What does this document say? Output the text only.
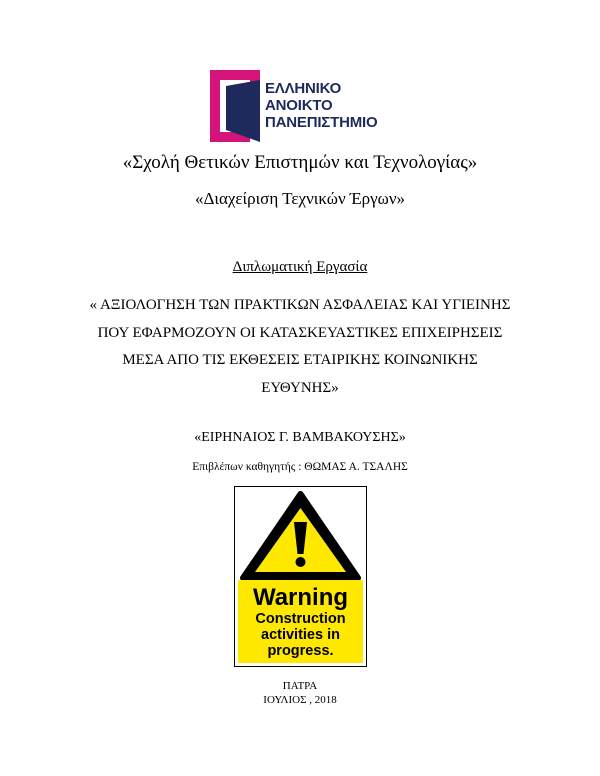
ΕΛΛΗΝΙΚΟ
ΑΝΟΙΚΤΟ
ΠΑΝΕΠΙΣΤΗΜΙΟ
«Σχολή Θετικών Επιστημών και Τεχνολογίας»
«Διαχείριση Τεχνικών Έργων»
Διπλωματική Εργασία
« ΑΞΙΟΛΟΓΗΣΗ ΤΩΝ ΠΡΑΚΤΙΚΩΝ ΑΣΦΑΛΕΙΑΣ ΚΑΙ ΥΓΙΕΙΝΗΣ
ΠΟΥ ΕΦΑΡΜΟΖΟΥΝ ΟΙ ΚΑΤΑΣΚΕΥΑΣΤΙΚΕΣ ΕΠΙΧΕΙΡΗΣΕΙΣ
ΜΕΣΑ ΑΠΟ ΤΙΣ ΕΚΘΕΣΕΙΣ ΕΤΑΙΡΙΚΗΣ ΚΟΙΝΩΝΙΚΗΣ
ΕΥΘΥΝΗΣ»
«ΕΙΡΗΝΑΙΟΣ Γ. ΒΑΜΒΑΚΟΥΣΗΣ»
Επιβλέπων καθηγητής : ΘΩΜΑΣ Α. ΤΣΑΛΗΣ
Warning
Construction
activities in
progress.
ΠΑΤΡΑ
ΙΟΥΛΙΟΣ , 2018
